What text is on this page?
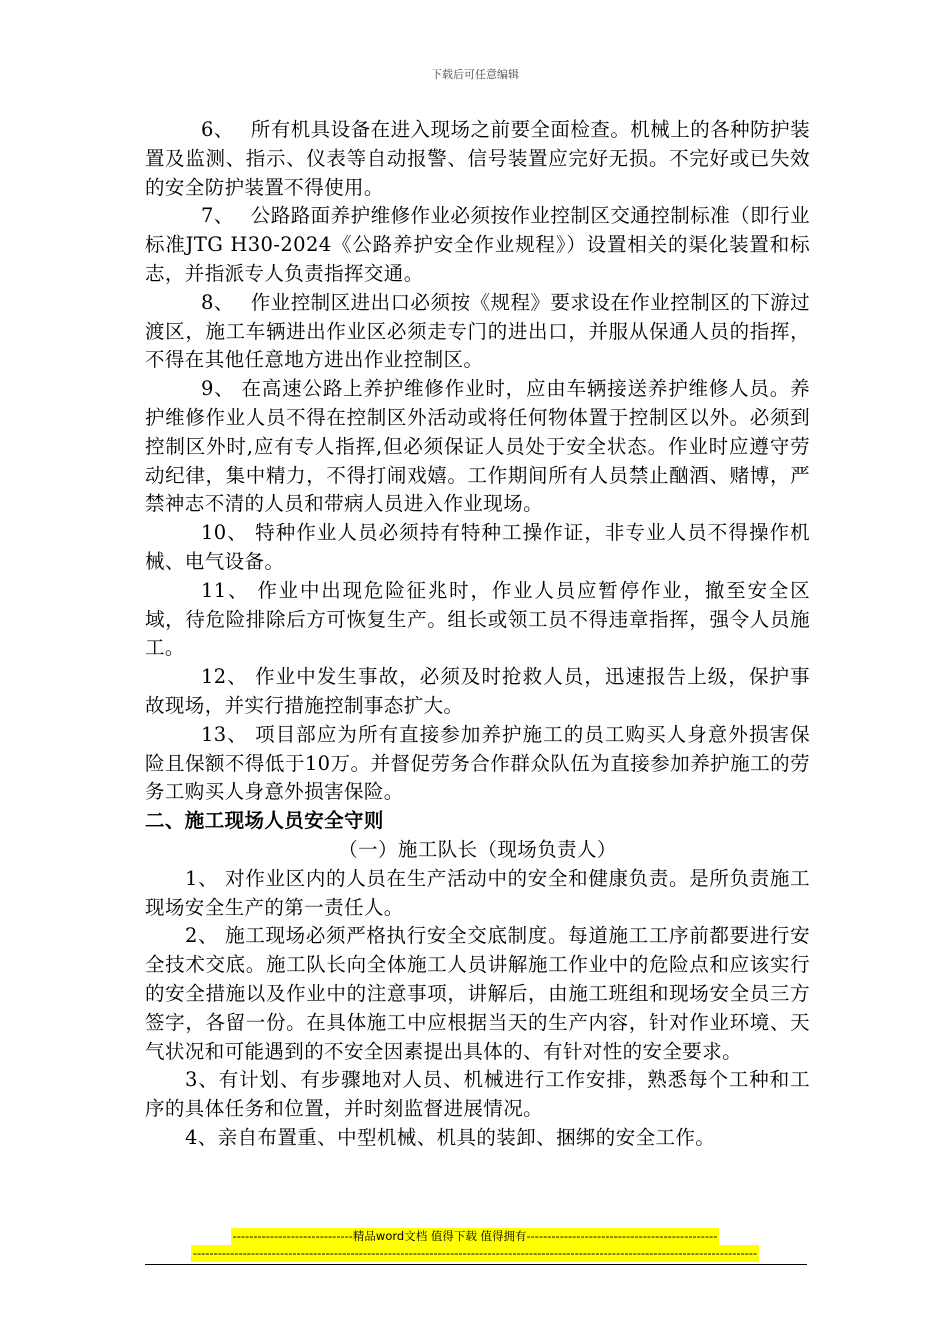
下载后可任意编辑

6、　 所有机具设备在进入现场之前要全面检查。机械上的各种防护装置及监测、指示、仪表等自动报警、信号装置应完好无损。不完好或已失效的安全防护装置不得使用。

7、　 公路路面养护维修作业必须按作业控制区交通控制标准（即行业标准JTG H30-2024《公路养护安全作业规程》）设置相关的渠化装置和标志，并指派专人负责指挥交通。

8、　 作业控制区进出口必须按《规程》要求设在作业控制区的下游过渡区，施工车辆进出作业区必须走专门的进出口，并服从保通人员的指挥，不得在其他任意地方进出作业控制区。

9、 在高速公路上养护维修作业时，应由车辆接送养护维修人员。养护维修作业人员不得在控制区外活动或将任何物体置于控制区以外。必须到控制区外时,应有专人指挥,但必须保证人员处于安全状态。作业时应遵守劳动纪律，集中精力，不得打闹戏嬉。工作期间所有人员禁止酗酒、赌博，严禁神志不清的人员和带病人员进入作业现场。

10、 特种作业人员必须持有特种工操作证，非专业人员不得操作机械、电气设备。

11、 作业中出现危险征兆时，作业人员应暂停作业，撤至安全区域，待危险排除后方可恢复生产。组长或领工员不得违章指挥，强令人员施工。

12、 作业中发生事故，必须及时抢救人员，迅速报告上级，保护事故现场，并实行措施控制事态扩大。

13、 项目部应为所有直接参加养护施工的员工购买人身意外损害保险且保额不得低于10万。并督促劳务合作群众队伍为直接参加养护施工的劳务工购买人身意外损害保险。

二、施工现场人员安全守则

（一）施工队长（现场负责人）

1、 对作业区内的人员在生产活动中的安全和健康负责。是所负责施工现场安全生产的第一责任人。

2、 施工现场必须严格执行安全交底制度。每道施工工序前都要进行安全技术交底。施工队长向全体施工人员讲解施工作业中的危险点和应该实行的安全措施以及作业中的注意事项，讲解后，由施工班组和现场安全员三方签字，各留一份。在具体施工中应根据当天的生产内容，针对作业环境、天气状况和可能遇到的不安全因素提出具体的、有针对性的安全要求。

3、有计划、有步骤地对人员、机械进行工作安排，熟悉每个工种和工序的具体任务和位置，并时刻监督进展情况。

4、亲自布置重、中型机械、机具的装卸、捆绑的安全工作。

-----------------------------精品word文档 值得下载 值得拥有----------------------------------------------
----------------------------------------------------------------------------------------------------------------------------------------
